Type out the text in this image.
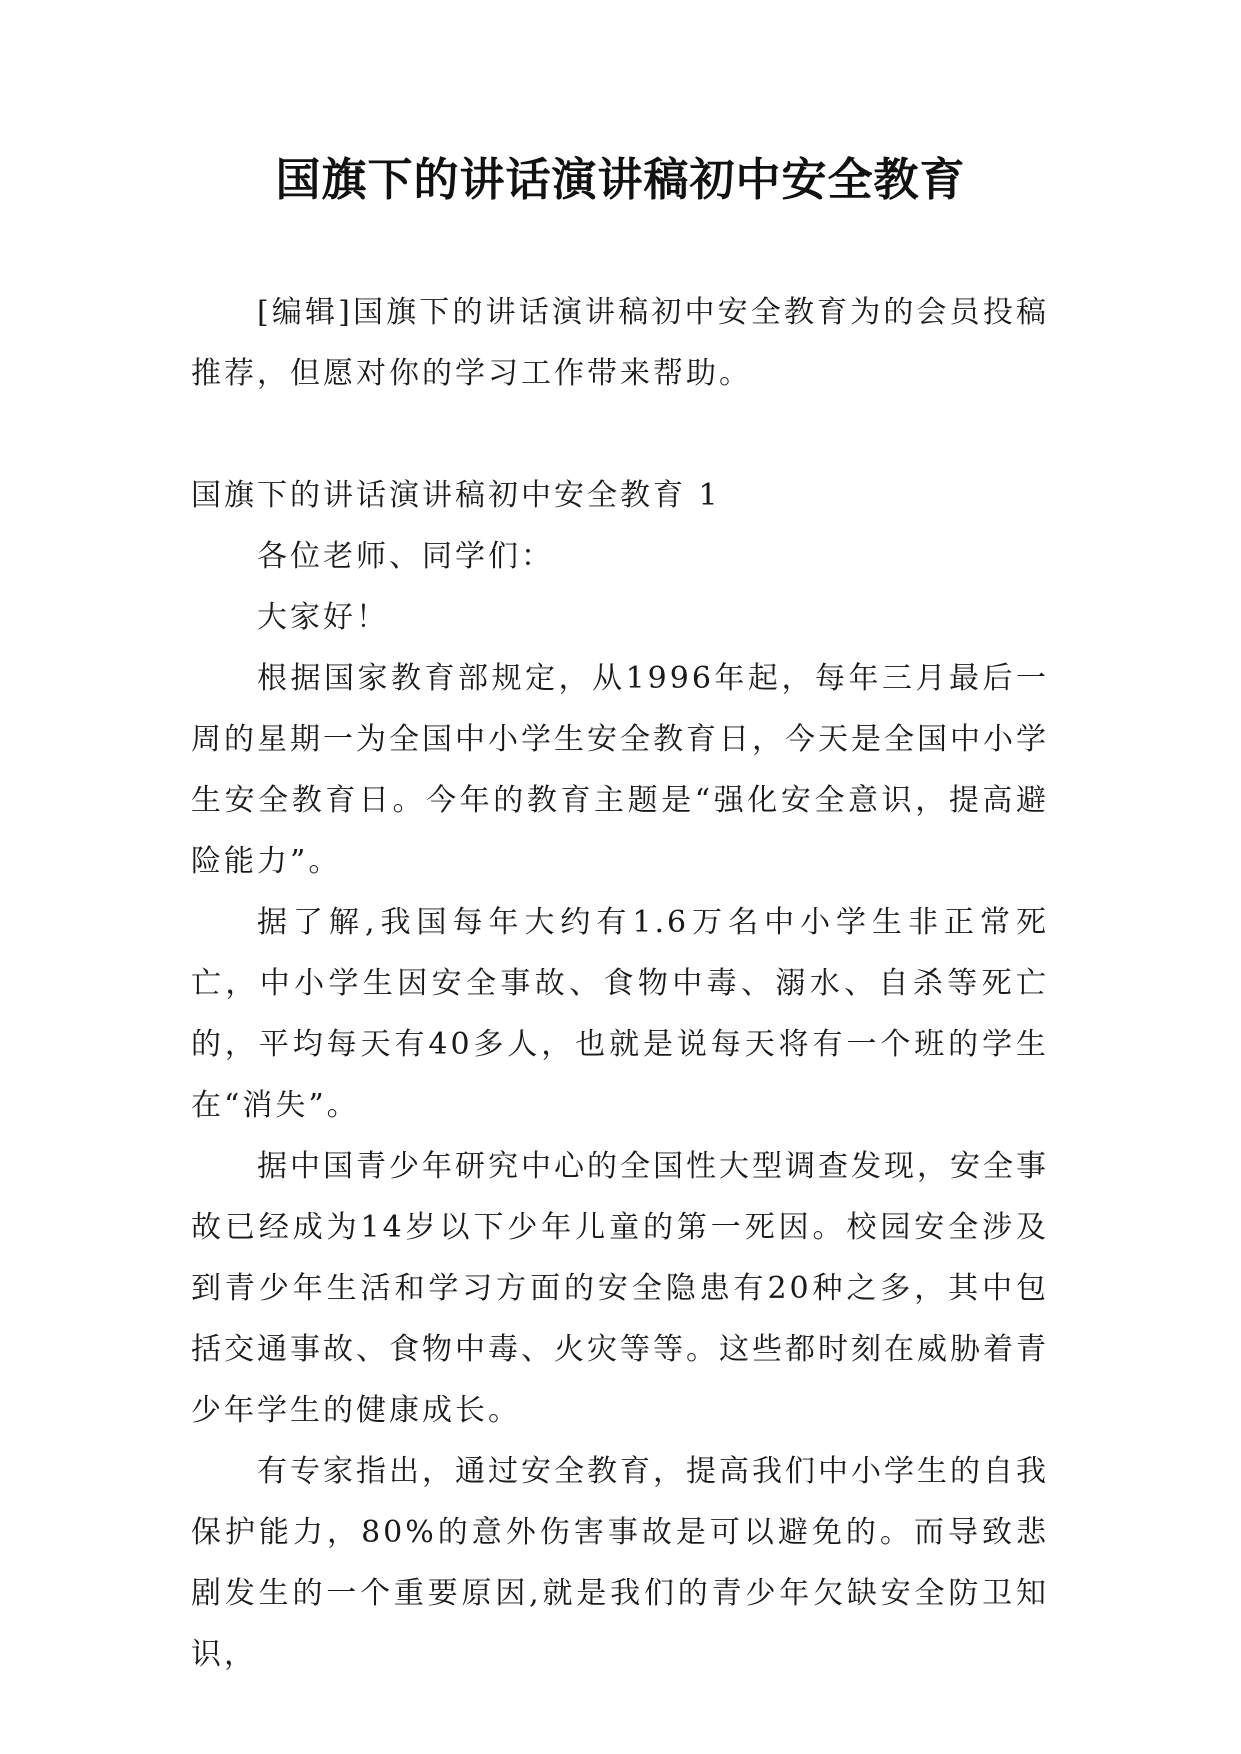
国旗下的讲话演讲稿初中安全教育

[编辑]国旗下的讲话演讲稿初中安全教育为的会员投稿推荐，但愿对你的学习工作带来帮助。

国旗下的讲话演讲稿初中安全教育 1

各位老师、同学们：

大家好！

根据国家教育部规定，从1996年起，每年三月最后一周的星期一为全国中小学生安全教育日，今天是全国中小学生安全教育日。今年的教育主题是“强化安全意识，提高避险能力”。

据了解,我国每年大约有1.6万名中小学生非正常死亡，中小学生因安全事故、食物中毒、溺水、自杀等死亡的，平均每天有40多人，也就是说每天将有一个班的学生在“消失”。

据中国青少年研究中心的全国性大型调查发现，安全事故已经成为14岁以下少年儿童的第一死因。校园安全涉及到青少年生活和学习方面的安全隐患有20种之多，其中包括交通事故、食物中毒、火灾等等。这些都时刻在威胁着青少年学生的健康成长。

有专家指出，通过安全教育，提高我们中小学生的自我保护能力，80%的意外伤害事故是可以避免的。而导致悲剧发生的一个重要原因,就是我们的青少年欠缺安全防卫知识，
